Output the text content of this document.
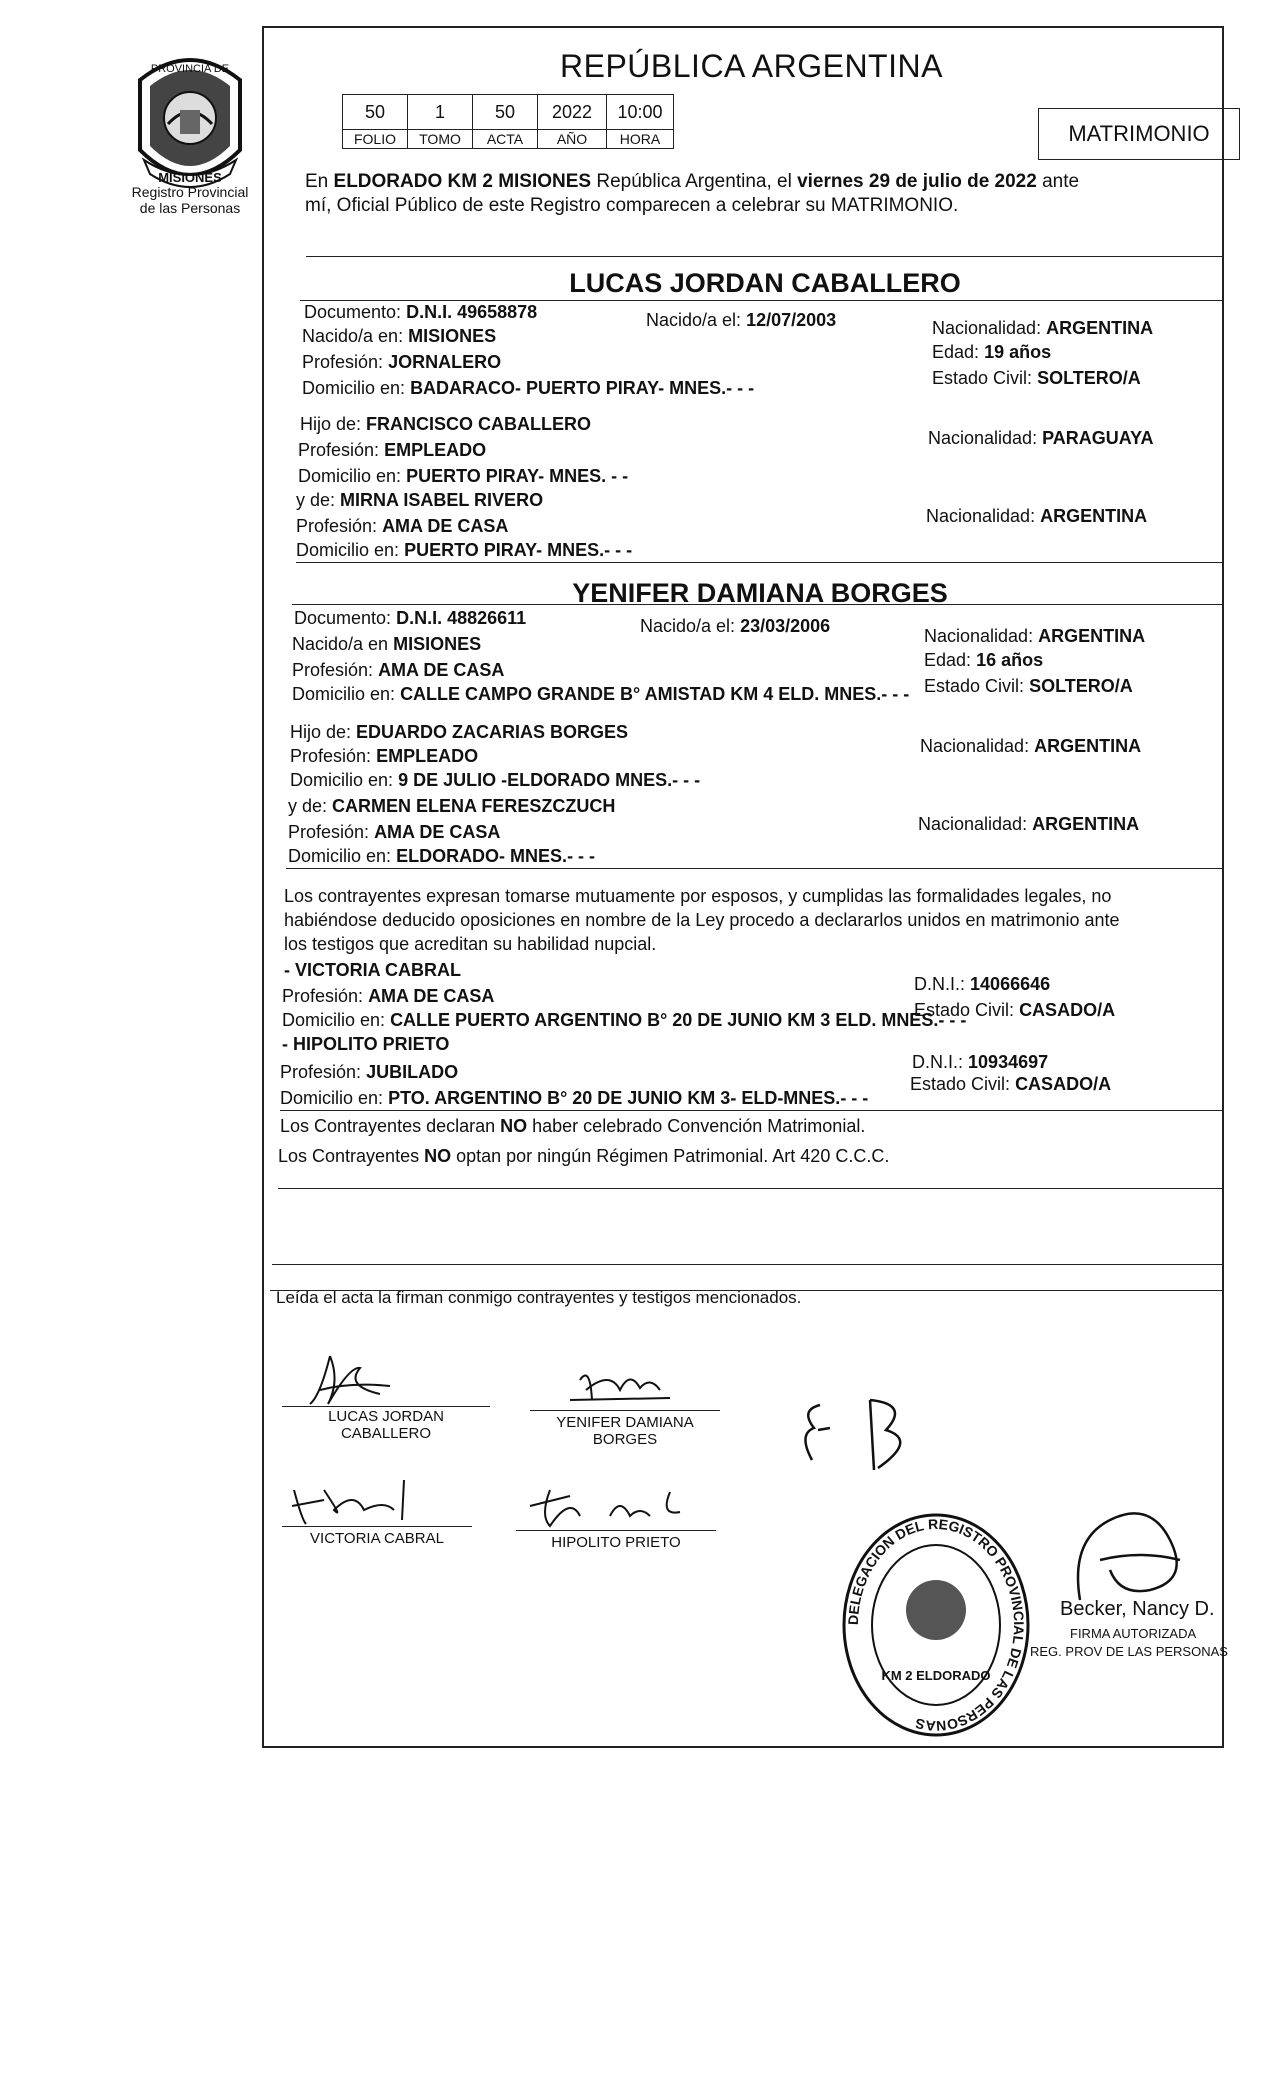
PROVINCIA DE
MISIONES
Registro Provincial
de las Personas
REPÚBLICA ARGENTINA
50	1	50	2022	10:00
FOLIO	TOMO	ACTA	AÑO	HORA	MATRIMONIO
En ELDORADO KM 2 MISIONES República Argentina, el viernes 29 de julio de 2022 ante
mí, Oficial Público de este Registro comparecen a celebrar su MATRIMONIO.
LUCAS JORDAN CABALLERO
Documento: D.N.I. 49658878	Nacido/a el: 12/07/2003	Nacionalidad: ARGENTINA
Nacido/a en: MISIONES
Edad: 19 años
Profesión: JORNALERO
Estado Civil: SOLTERO/A
Domicilio en: BADARACO- PUERTO PIRAY- MNES.- - -
Hijo de: FRANCISCO CABALLERO
Nacionalidad: PARAGUAYA
Profesión: EMPLEADO
Domicilio en: PUERTO PIRAY- MNES. - -
y de: MIRNA ISABEL RIVERO
Nacionalidad: ARGENTINA
Profesión: AMA DE CASA
Domicilio en: PUERTO PIRAY- MNES.- - -
YENIFER DAMIANA BORGES
Documento: D.N.I. 48826611	Nacido/a el: 23/03/2006	Nacionalidad: ARGENTINA
Nacido/a en MISIONES
Edad: 16 años
Profesión: AMA DE CASA
Estado Civil: SOLTERO/A
Domicilio en: CALLE CAMPO GRANDE B° AMISTAD KM 4 ELD. MNES.- - -
Hijo de: EDUARDO ZACARIAS BORGES
Nacionalidad: ARGENTINA
Profesión: EMPLEADO
Domicilio en: 9 DE JULIO -ELDORADO MNES.- - -
y de: CARMEN ELENA FERESZCZUCH
Nacionalidad: ARGENTINA
Profesión: AMA DE CASA
Domicilio en: ELDORADO- MNES.- - -
Los contrayentes expresan tomarse mutuamente por esposos, y cumplidas las formalidades legales, no
habiéndose deducido oposiciones en nombre de la Ley procedo a declararlos unidos en matrimonio ante
los testigos que acreditan su habilidad nupcial.
- VICTORIA CABRAL
D.N.I.: 14066646
Profesión: AMA DE CASA
Estado Civil: CASADO/A
Domicilio en: CALLE PUERTO ARGENTINO B° 20 DE JUNIO KM 3 ELD. MNES.- - -
- HIPOLITO PRIETO
D.N.I.: 10934697
Profesión: JUBILADO
Estado Civil: CASADO/A
Domicilio en: PTO. ARGENTINO B° 20 DE JUNIO KM 3- ELD-MNES.- - -
Los Contrayentes declaran NO haber celebrado Convención Matrimonial.
Los Contrayentes NO optan por ningún Régimen Patrimonial. Art 420 C.C.C.
Leída el acta la firman conmigo contrayentes y testigos mencionados.
LUCAS JORDAN
CABALLERO
YENIFER DAMIANA
BORGES
VICTORIA CABRAL	HIPOLITO PRIETO
DELEGACION DEL REGISTRO PROVINCIAL DE LAS PERSONAS
KM 2 ELDORADO
Becker, Nancy D.
FIRMA AUTORIZADA
REG. PROV DE LAS PERSONAS
